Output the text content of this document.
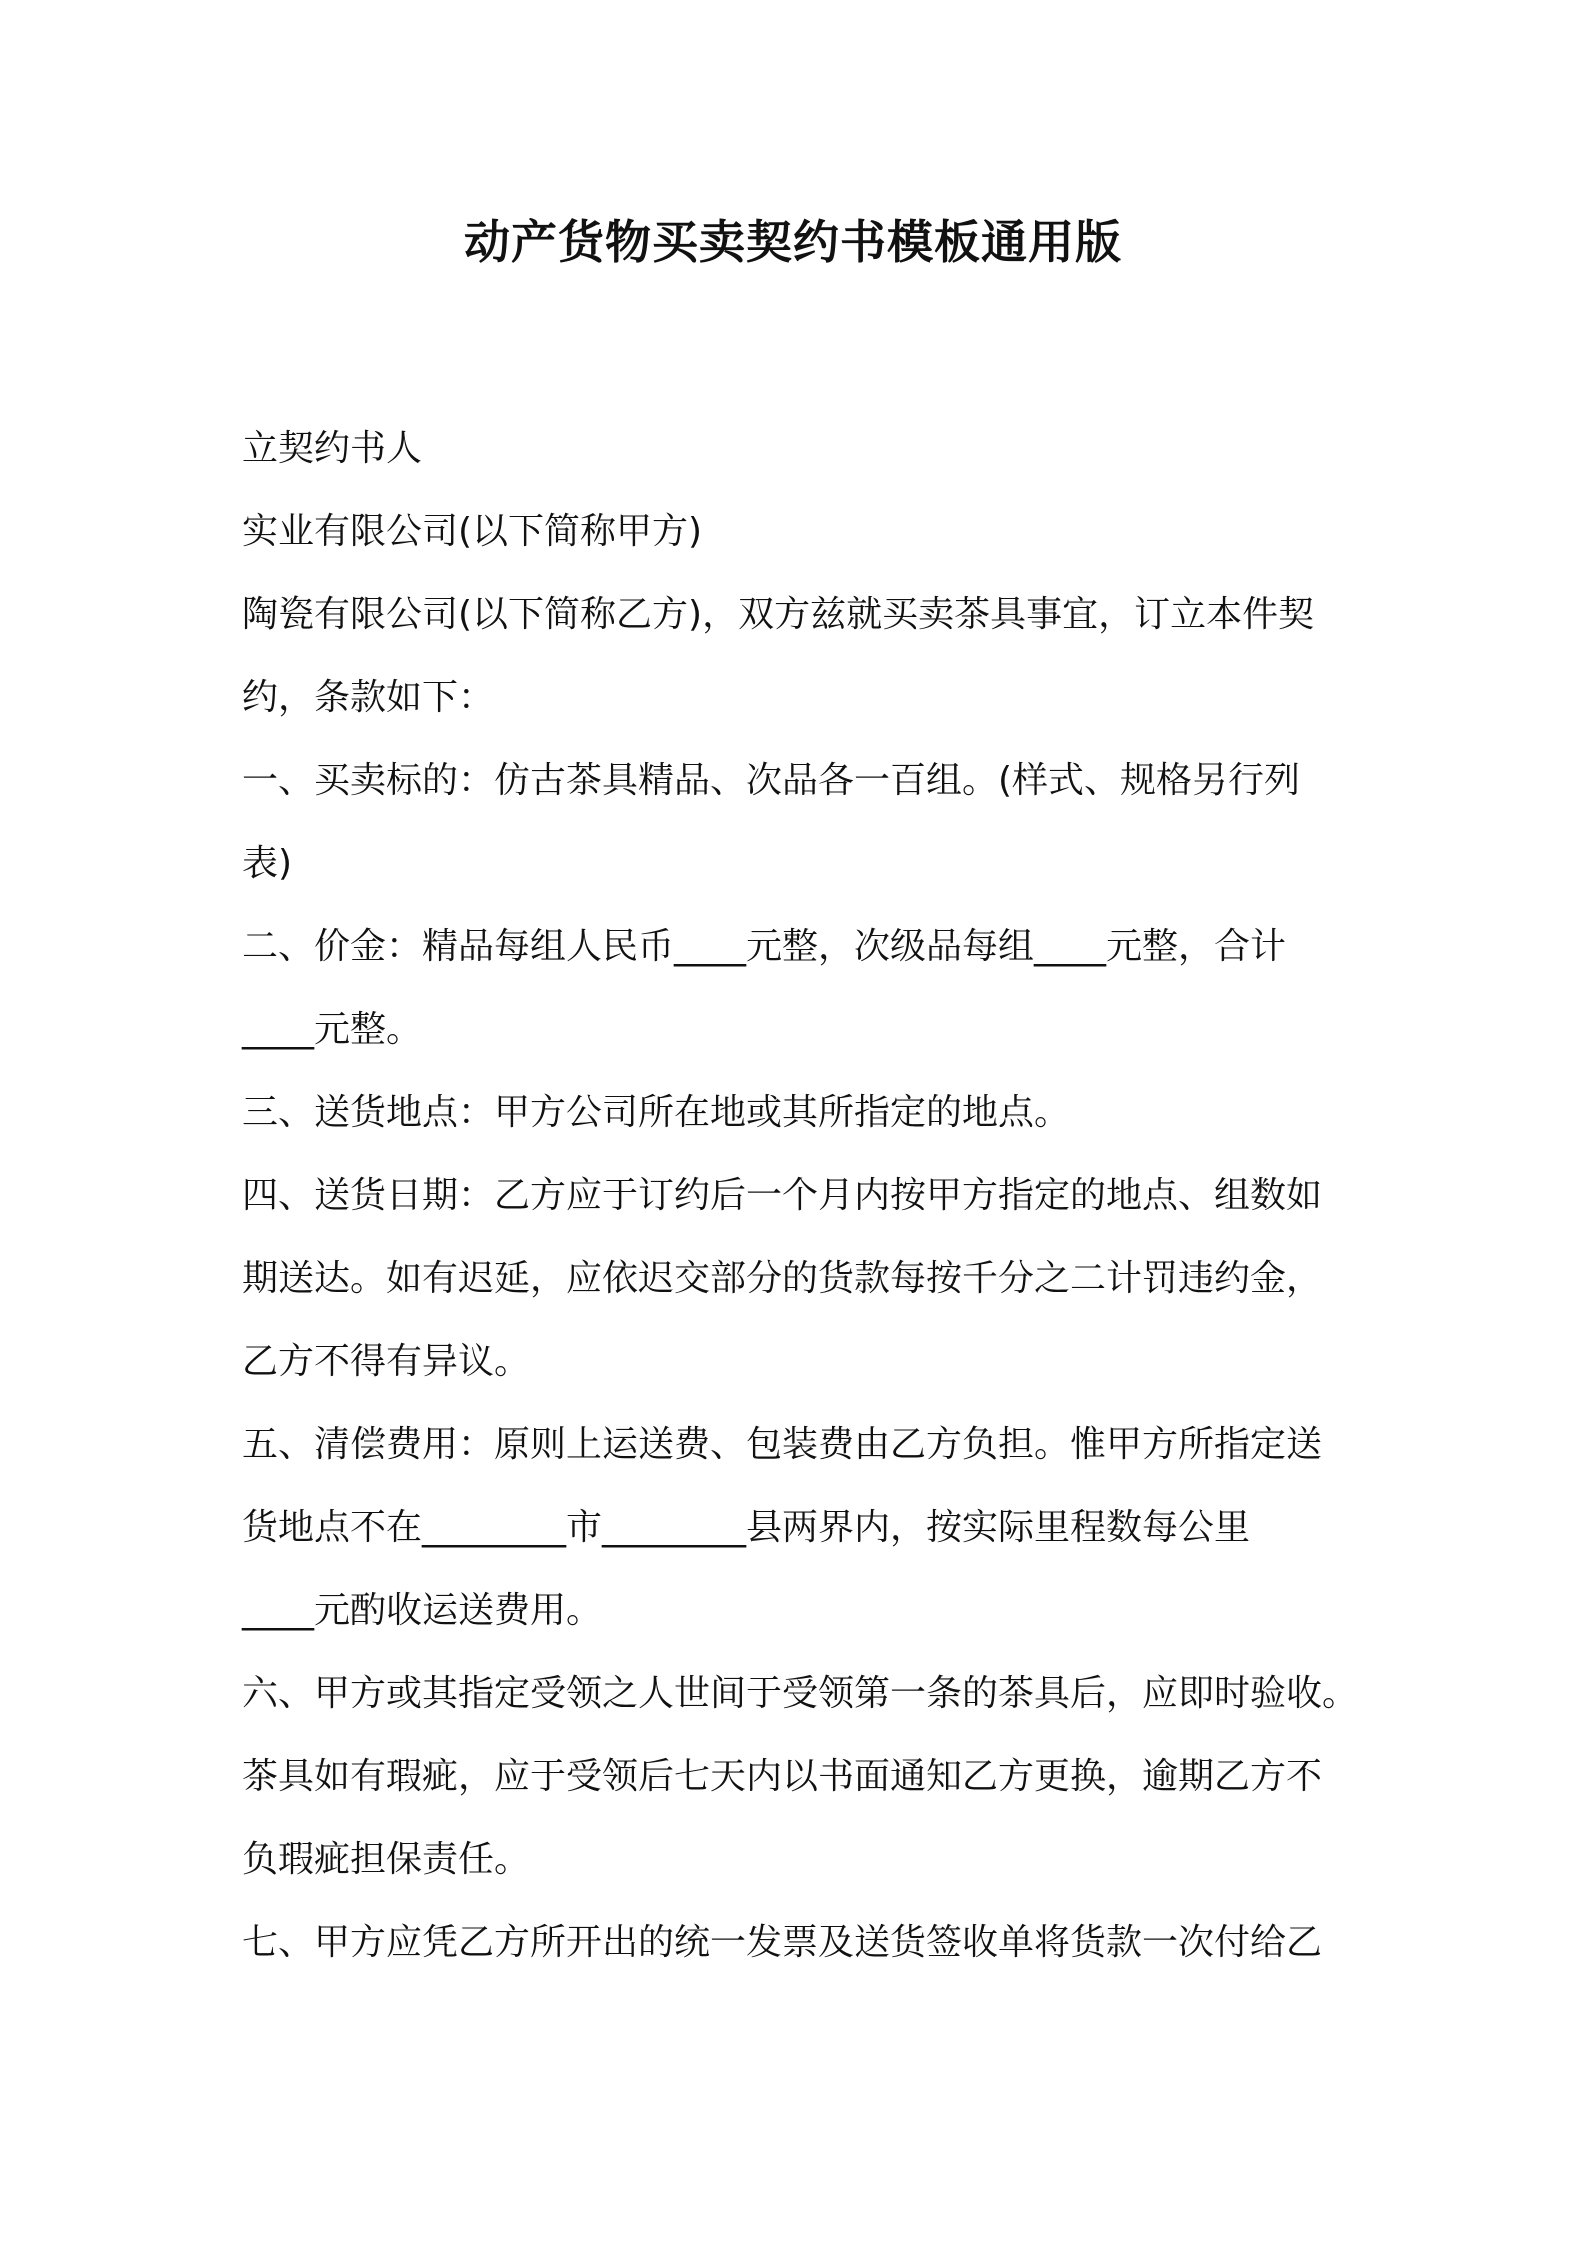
动产货物买卖契约书模板通用版

立契约书人

实业有限公司(以下简称甲方)

陶瓷有限公司(以下简称乙方)，双方兹就买卖茶具事宜，订立本件契

约，条款如下：

一、买卖标的：仿古茶具精品、次品各一百组。(样式、规格另行列

表)

二、价金：精品每组人民币____元整，次级品每组____元整，合计

____元整。

三、送货地点：甲方公司所在地或其所指定的地点。

四、送货日期：乙方应于订约后一个月内按甲方指定的地点、组数如

期送达。如有迟延，应依迟交部分的货款每按千分之二计罚违约金，

乙方不得有异议。

五、清偿费用：原则上运送费、包装费由乙方负担。惟甲方所指定送

货地点不在________市________县两界内，按实际里程数每公里

____元酌收运送费用。

六、甲方或其指定受领之人世间于受领第一条的茶具后，应即时验收。

茶具如有瑕疵，应于受领后七天内以书面通知乙方更换，逾期乙方不

负瑕疵担保责任。

七、甲方应凭乙方所开出的统一发票及送货签收单将货款一次付给乙
